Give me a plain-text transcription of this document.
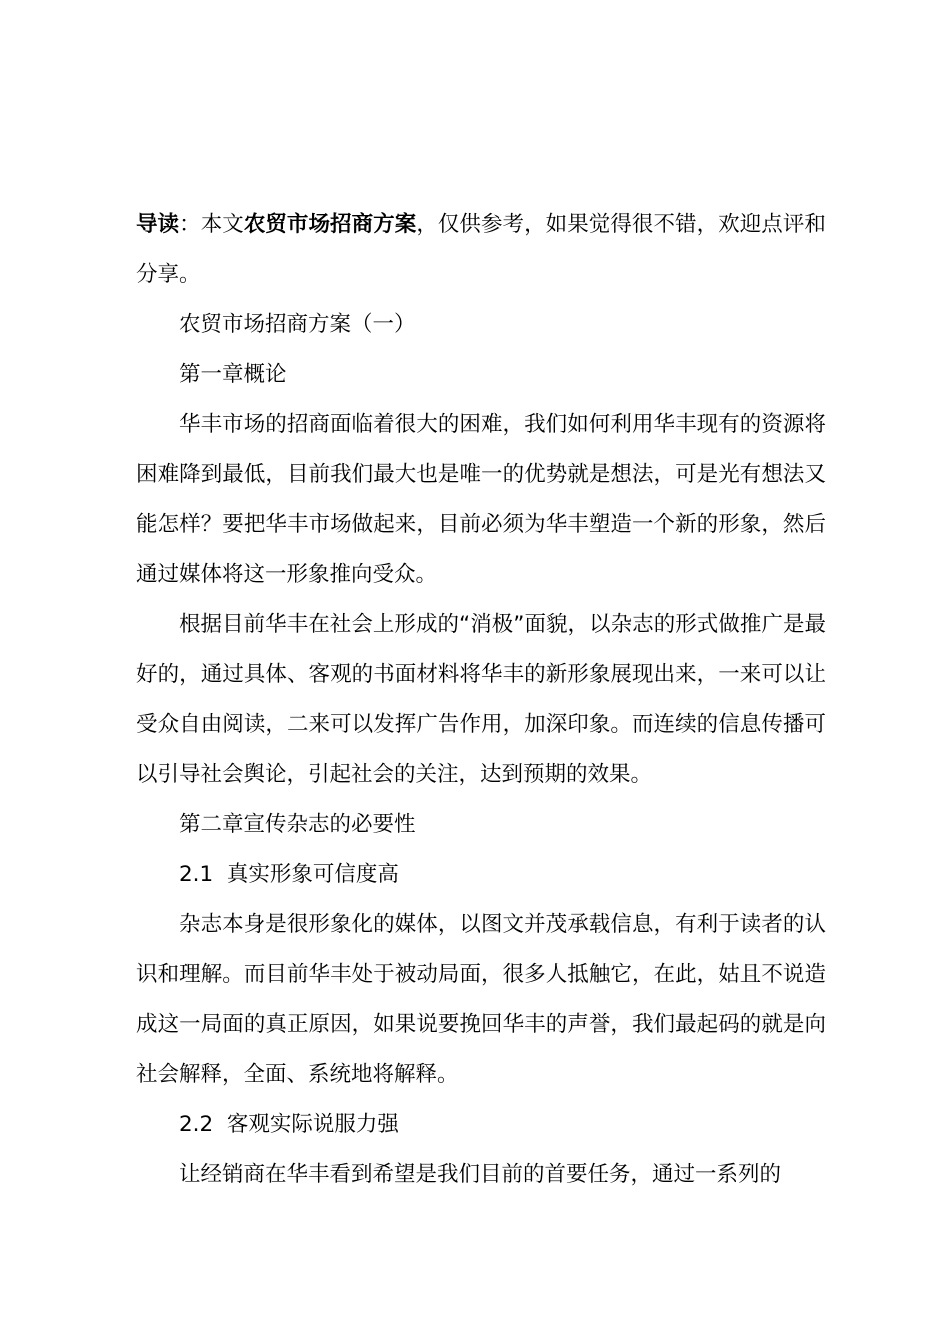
导读：本文农贸市场招商方案，仅供参考，如果觉得很不错，欢迎点评和分享。

农贸市场招商方案（一）

第一章概论

华丰市场的招商面临着很大的困难，我们如何利用华丰现有的资源将困难降到最低，目前我们最大也是唯一的优势就是想法，可是光有想法又能怎样？要把华丰市场做起来，目前必须为华丰塑造一个新的形象，然后通过媒体将这一形象推向受众。

根据目前华丰在社会上形成的“消极”面貌，以杂志的形式做推广是最好的，通过具体、客观的书面材料将华丰的新形象展现出来，一来可以让受众自由阅读，二来可以发挥广告作用，加深印象。而连续的信息传播可以引导社会舆论，引起社会的关注，达到预期的效果。

第二章宣传杂志的必要性

2.1 真实形象可信度高

杂志本身是很形象化的媒体，以图文并茂承载信息，有利于读者的认识和理解。而目前华丰处于被动局面，很多人抵触它，在此，姑且不说造成这一局面的真正原因，如果说要挽回华丰的声誉，我们最起码的就是向社会解释，全面、系统地将解释。

2.2 客观实际说服力强

让经销商在华丰看到希望是我们目前的首要任务，通过一系列的
